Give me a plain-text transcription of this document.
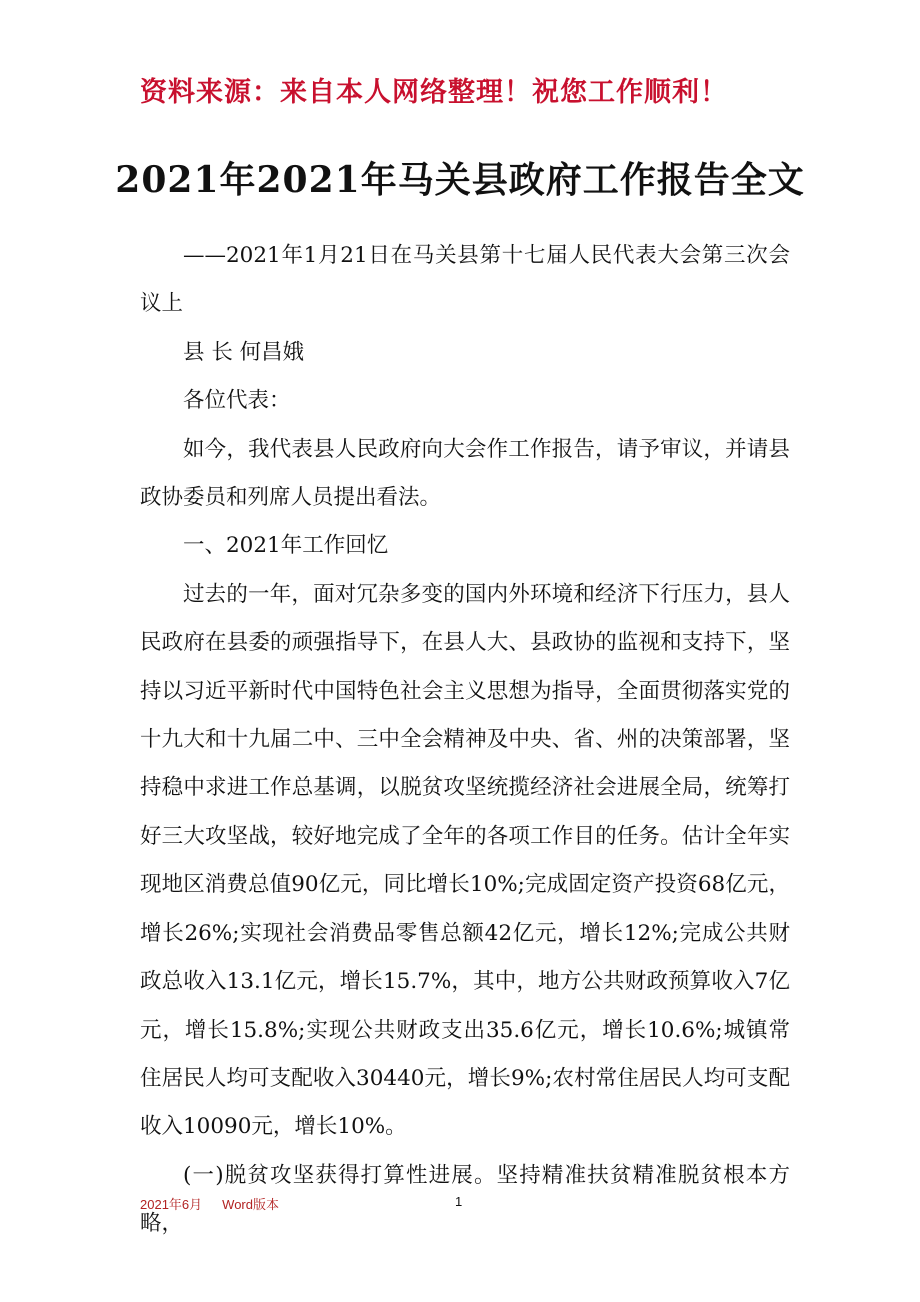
资料来源：来自本人网络整理！祝您工作顺利！
2021年2021年马关县政府工作报告全文

——2021年1月21日在马关县第十七届人民代表大会第三次会议上

县 长 何昌娥

各位代表：

如今，我代表县人民政府向大会作工作报告，请予审议，并请县政协委员和列席人员提出看法。

一、2021年工作回忆

过去的一年，面对冗杂多变的国内外环境和经济下行压力，县人民政府在县委的顽强指导下，在县人大、县政协的监视和支持下，坚持以习近平新时代中国特色社会主义思想为指导，全面贯彻落实党的十九大和十九届二中、三中全会精神及中央、省、州的决策部署，坚持稳中求进工作总基调，以脱贫攻坚统揽经济社会进展全局，统筹打好三大攻坚战，较好地完成了全年的各项工作目的任务。估计全年实现地区消费总值90亿元，同比增长10%;完成固定资产投资68亿元，增长26%;实现社会消费品零售总额42亿元，增长12%;完成公共财政总收入13.1亿元，增长15.7%，其中，地方公共财政预算收入7亿元，增长15.8%;实现公共财政支出35.6亿元，增长10.6%;城镇常住居民人均可支配收入30440元，增长9%;农村常住居民人均可支配收入10090元，增长10%。

(一)脱贫攻坚获得打算性进展。坚持精准扶贫精准脱贫根本方略，

2021年6月 Word版本	1
